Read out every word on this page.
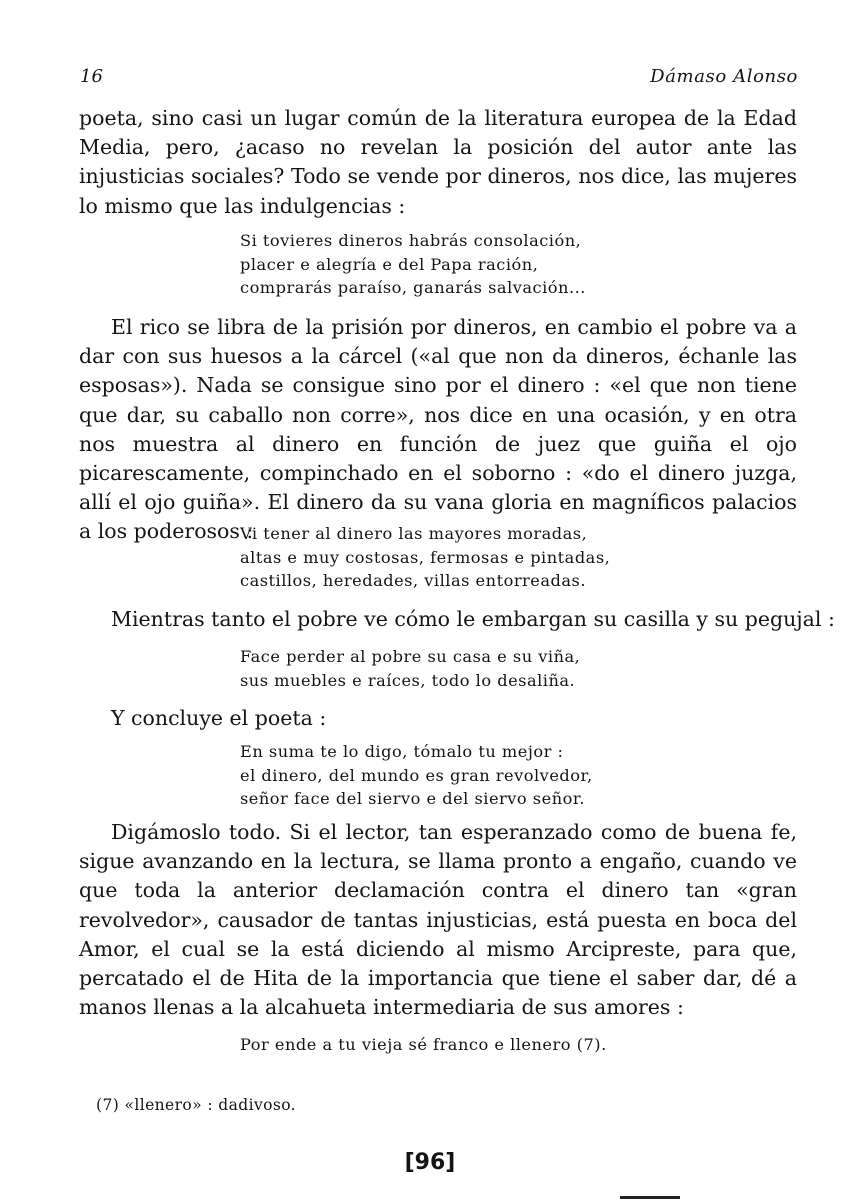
16	Dámaso Alonso
poeta, sino casi un lugar común de la literatura europea de la Edad Media, pero, ¿acaso no revelan la posición del autor ante las injusticias sociales? Todo se vende por dineros, nos dice, las mujeres lo mismo que las indulgencias :
Si tovieres dineros habrás consolación,
placer e alegría e del Papa ración,
comprarás paraíso, ganarás salvación...
El rico se libra de la prisión por dineros, en cambio el pobre va a dar con sus huesos a la cárcel («al que non da dineros, échanle las esposas»). Nada se consigue sino por el dinero : «el que non tiene que dar, su caballo non corre», nos dice en una ocasión, y en otra nos muestra al dinero en función de juez que guiña el ojo picarescamente, compinchado en el soborno : «do el dinero juzga, allí el ojo guiña». El dinero da su vana gloria en magníficos palacios a los poderosos :
Vi tener al dinero las mayores moradas,
altas e muy costosas, fermosas e pintadas,
castillos, heredades, villas entorreadas.
Mientras tanto el pobre ve cómo le embargan su casilla y su pegujal :
Face perder al pobre su casa e su viña,
sus muebles e raíces, todo lo desaliña.
Y concluye el poeta :
En suma te lo digo, tómalo tu mejor :
el dinero, del mundo es gran revolvedor,
señor face del siervo e del siervo señor.
Digámoslo todo. Si el lector, tan esperanzado como de buena fe, sigue avanzando en la lectura, se llama pronto a engaño, cuando ve que toda la anterior declamación contra el dinero tan «gran revolvedor», causador de tantas injusticias, está puesta en boca del Amor, el cual se la está diciendo al mismo Arcipreste, para que, percatado el de Hita de la importancia que tiene el saber dar, dé a manos llenas a la alcahueta intermediaria de sus amores :
Por ende a tu vieja sé franco e llenero (7).
(7) «llenero» : dadivoso.
[96]
